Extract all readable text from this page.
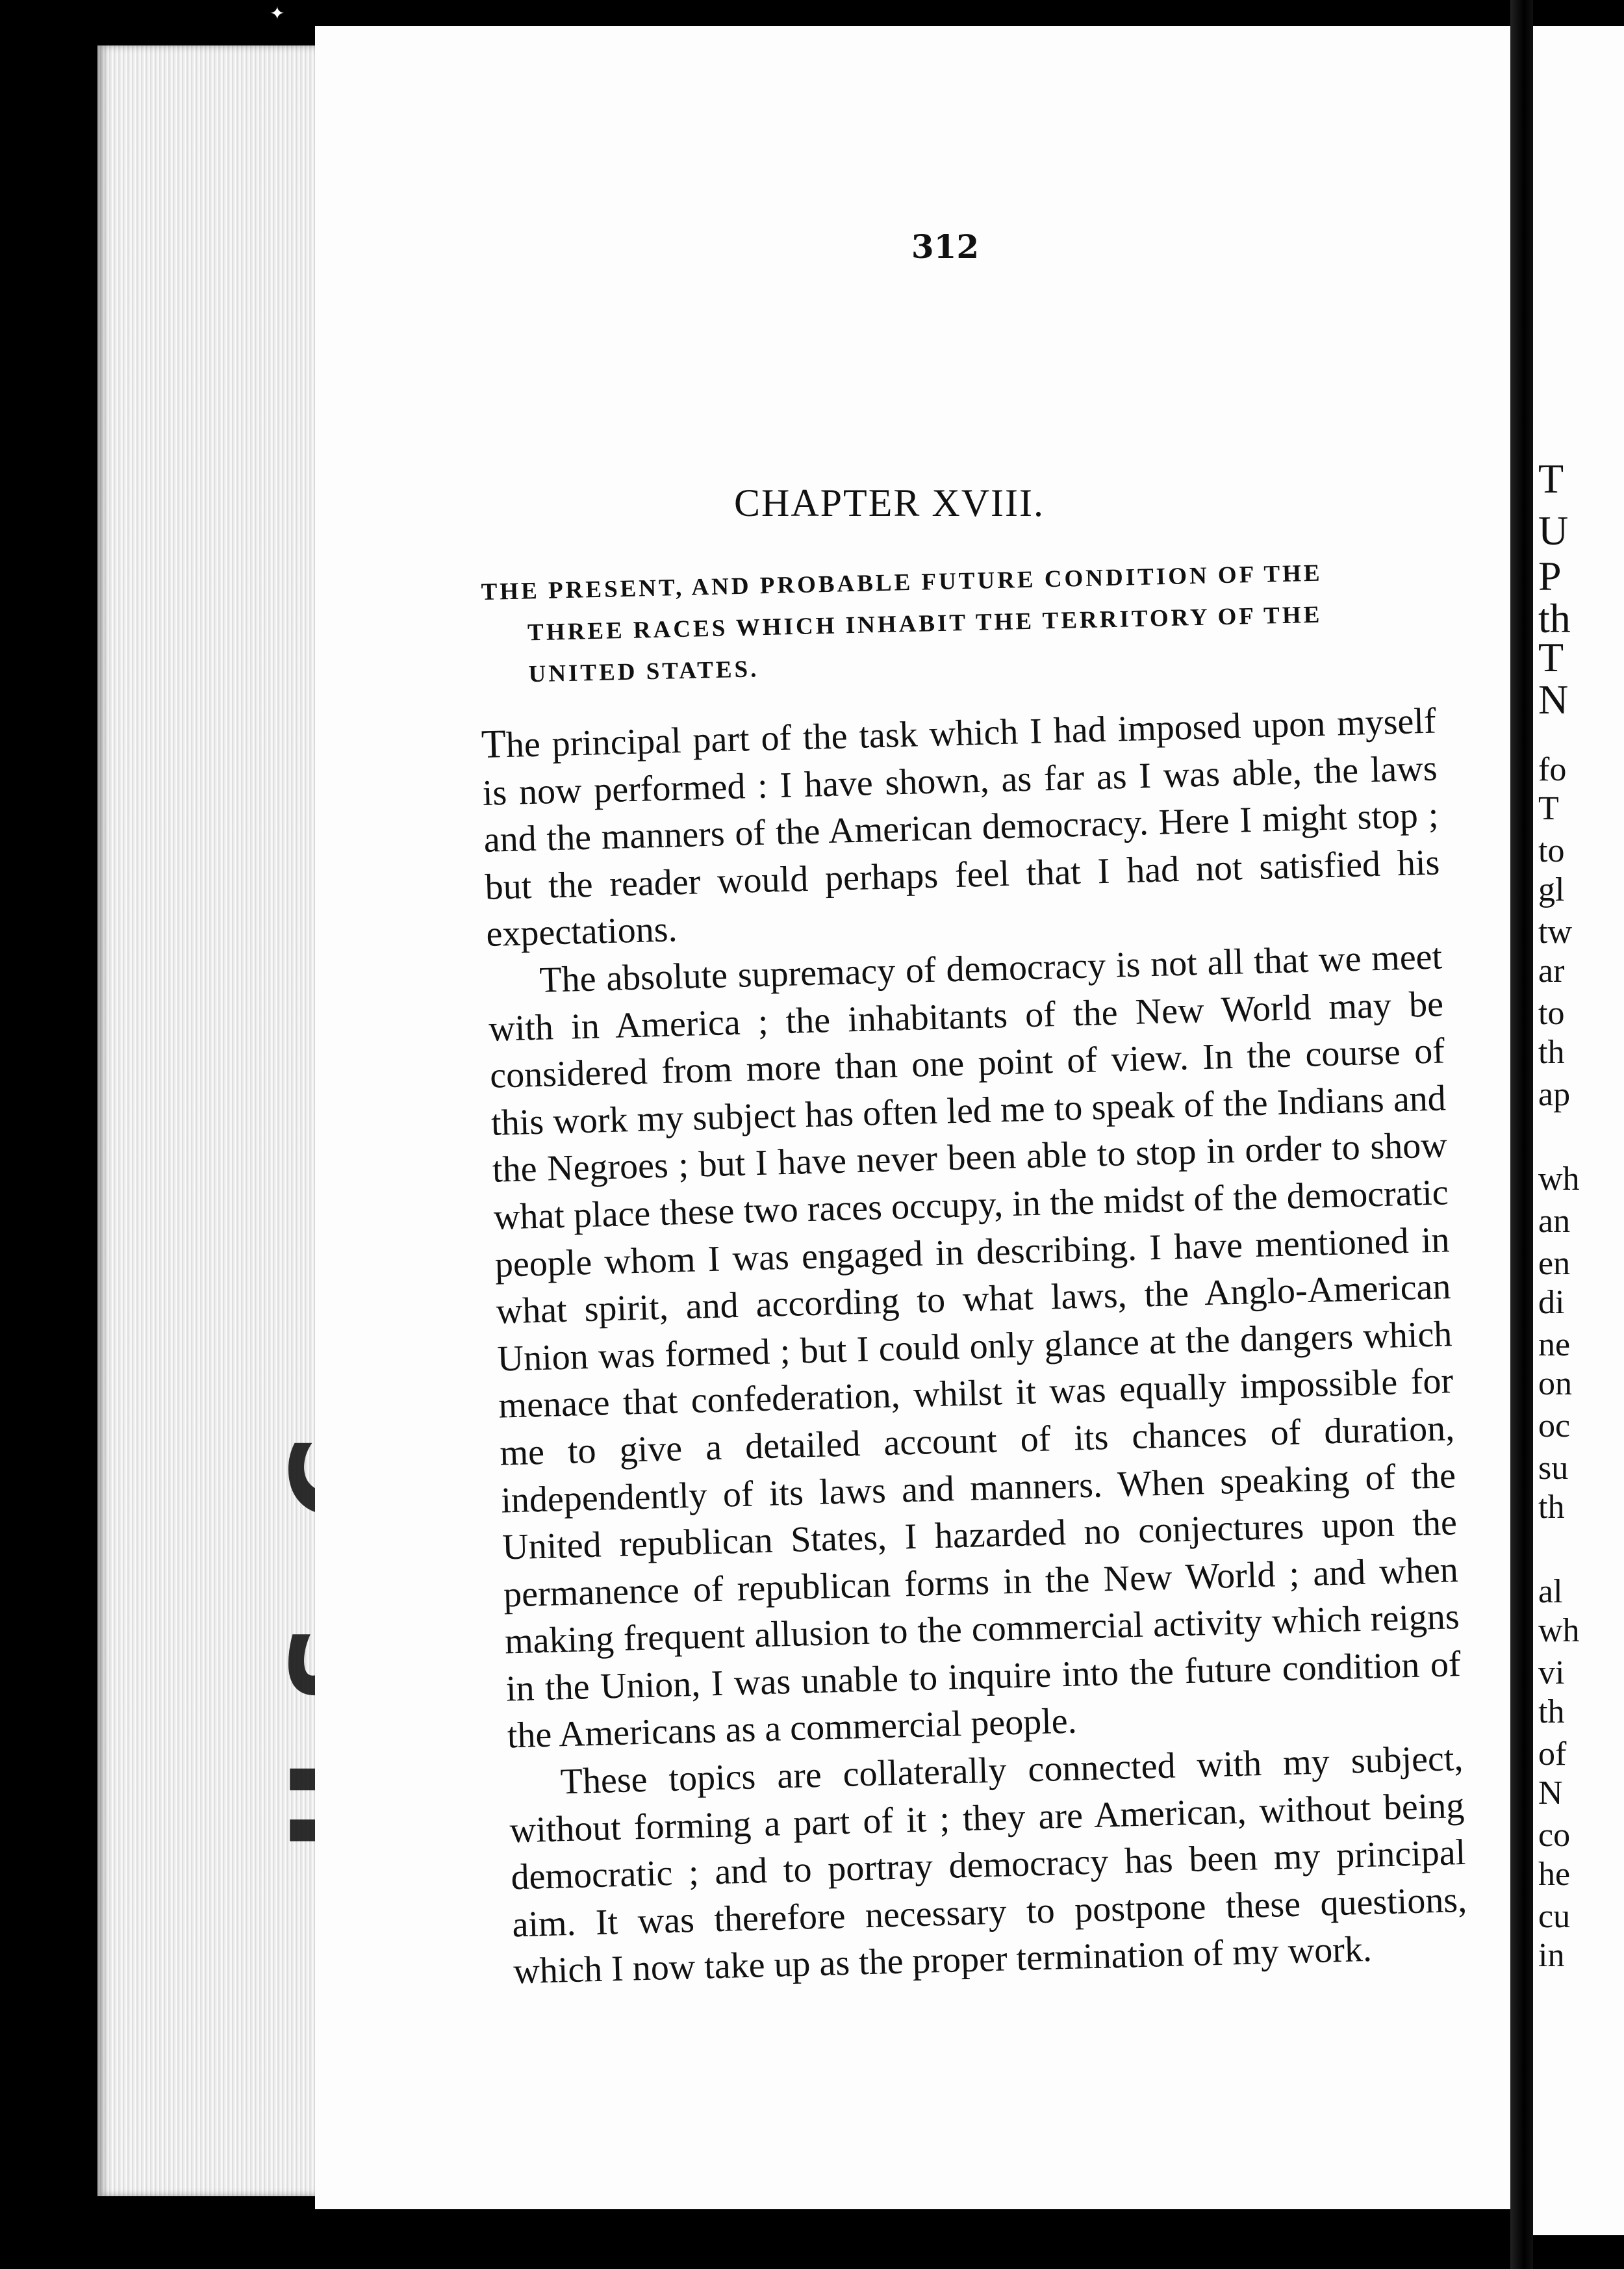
✦
312
CHAPTER XVIII.
THE PRESENT, AND PROBABLE FUTURE CONDITION OF THE
THREE RACES WHICH INHABIT THE TERRITORY OF THE UNITED STATES.

The principal part of the task which I had imposed upon myself is now performed : I have shown, as far as I was able, the laws and the manners of the American democracy. Here I might stop ; but the reader would perhaps feel that I had not satisfied his expectations.

The absolute supremacy of democracy is not all that we meet with in America ; the inhabitants of the New World may be considered from more than one point of view. In the course of this work my subject has often led me to speak of the Indians and the Negroes ; but I have never been able to stop in order to show what place these two races occupy, in the midst of the democratic people whom I was engaged in describing. I have mentioned in what spirit, and according to what laws, the Anglo-American Union was formed ; but I could only glance at the dangers which menace that confederation, whilst it was equally impossible for me to give a detailed account of its chances of duration, independently of its laws and manners. When speaking of the United republican States, I hazarded no conjectures upon the permanence of republican forms in the New World ; and when making frequent allusion to the commercial activity which reigns in the Union, I was unable to inquire into the future condition of the Americans as a commercial people.

These topics are collaterally connected with my subject, without forming a part of it ; they are American, without being democratic ; and to portray democracy has been my principal aim. It was therefore necessary to postpone these questions, which I now take up as the proper termination of my work.

T
U
P
th
T
N
fo
T
to
gl
tw
ar
to
th
ap
wh
an
en
di
ne
on
oc
su
th
al
wh
vi
th
of
N
co
he
cu
in
